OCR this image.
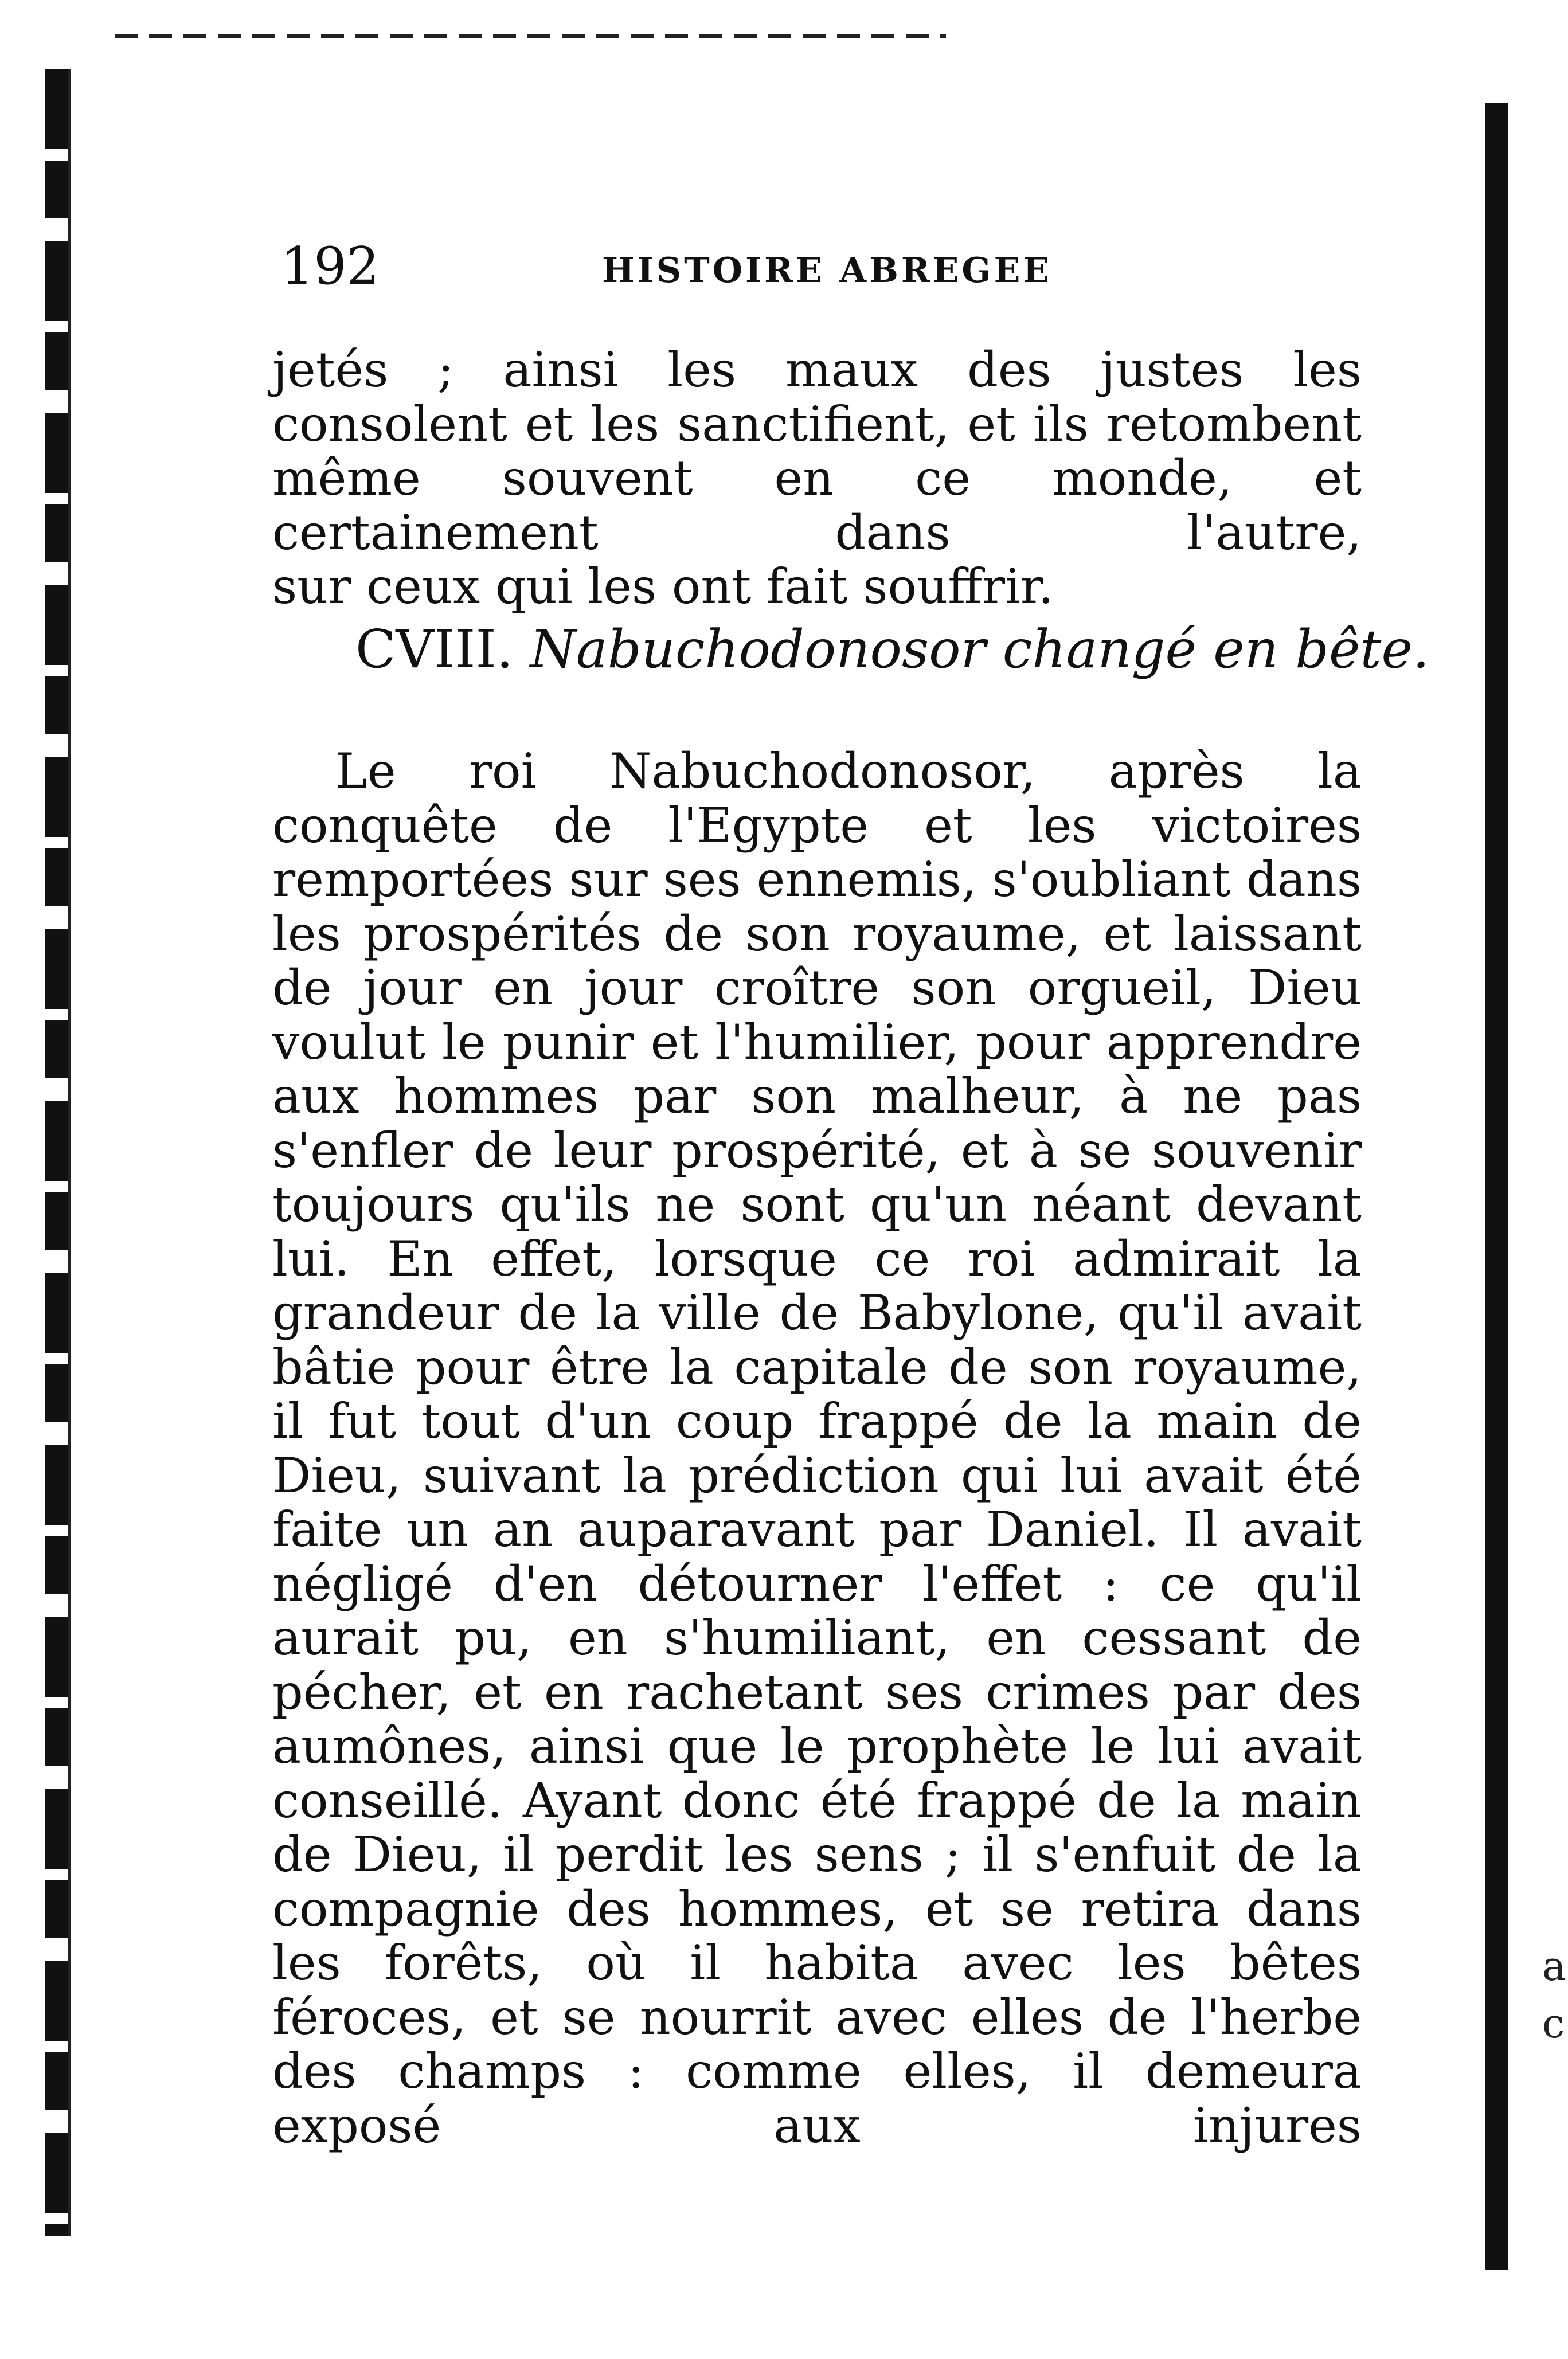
a
c
192	HISTOIRE ABREGEE

jetés ; ainsi les maux des justes les consolent et les sanctifient, et ils retombent même souvent en ce monde, et certainement dans l'autre,
sur ceux qui les ont fait souffrir.

CVIII. Nabuchodonosor changé en bête.

Le roi Nabuchodonosor, après la conquête de l'Egypte et les victoires remportées sur ses ennemis, s'oubliant dans les prospérités de son royaume, et laissant de jour en jour croître son orgueil, Dieu voulut le punir et l'humilier, pour apprendre aux hommes par son malheur, à ne pas s'enfler de leur prospérité, et à se souvenir toujours qu'ils ne sont qu'un néant devant lui. En effet, lorsque ce roi admirait la grandeur de la ville de Babylone, qu'il avait bâtie pour être la capitale de son royaume, il fut tout d'un coup frappé de la main de Dieu, suivant la prédiction qui lui avait été faite un an auparavant par Daniel. Il avait négligé d'en détourner l'effet : ce qu'il aurait pu, en s'humiliant, en cessant de pécher, et en rachetant ses crimes par des aumônes, ainsi que le prophète le lui avait conseillé. Ayant donc été frappé de la main de Dieu, il perdit les sens ; il s'enfuit de la compagnie des hommes, et se retira dans les forêts, où il habita avec les bêtes féroces, et se nourrit avec elles de l'herbe des champs : comme elles, il demeura exposé aux injures
